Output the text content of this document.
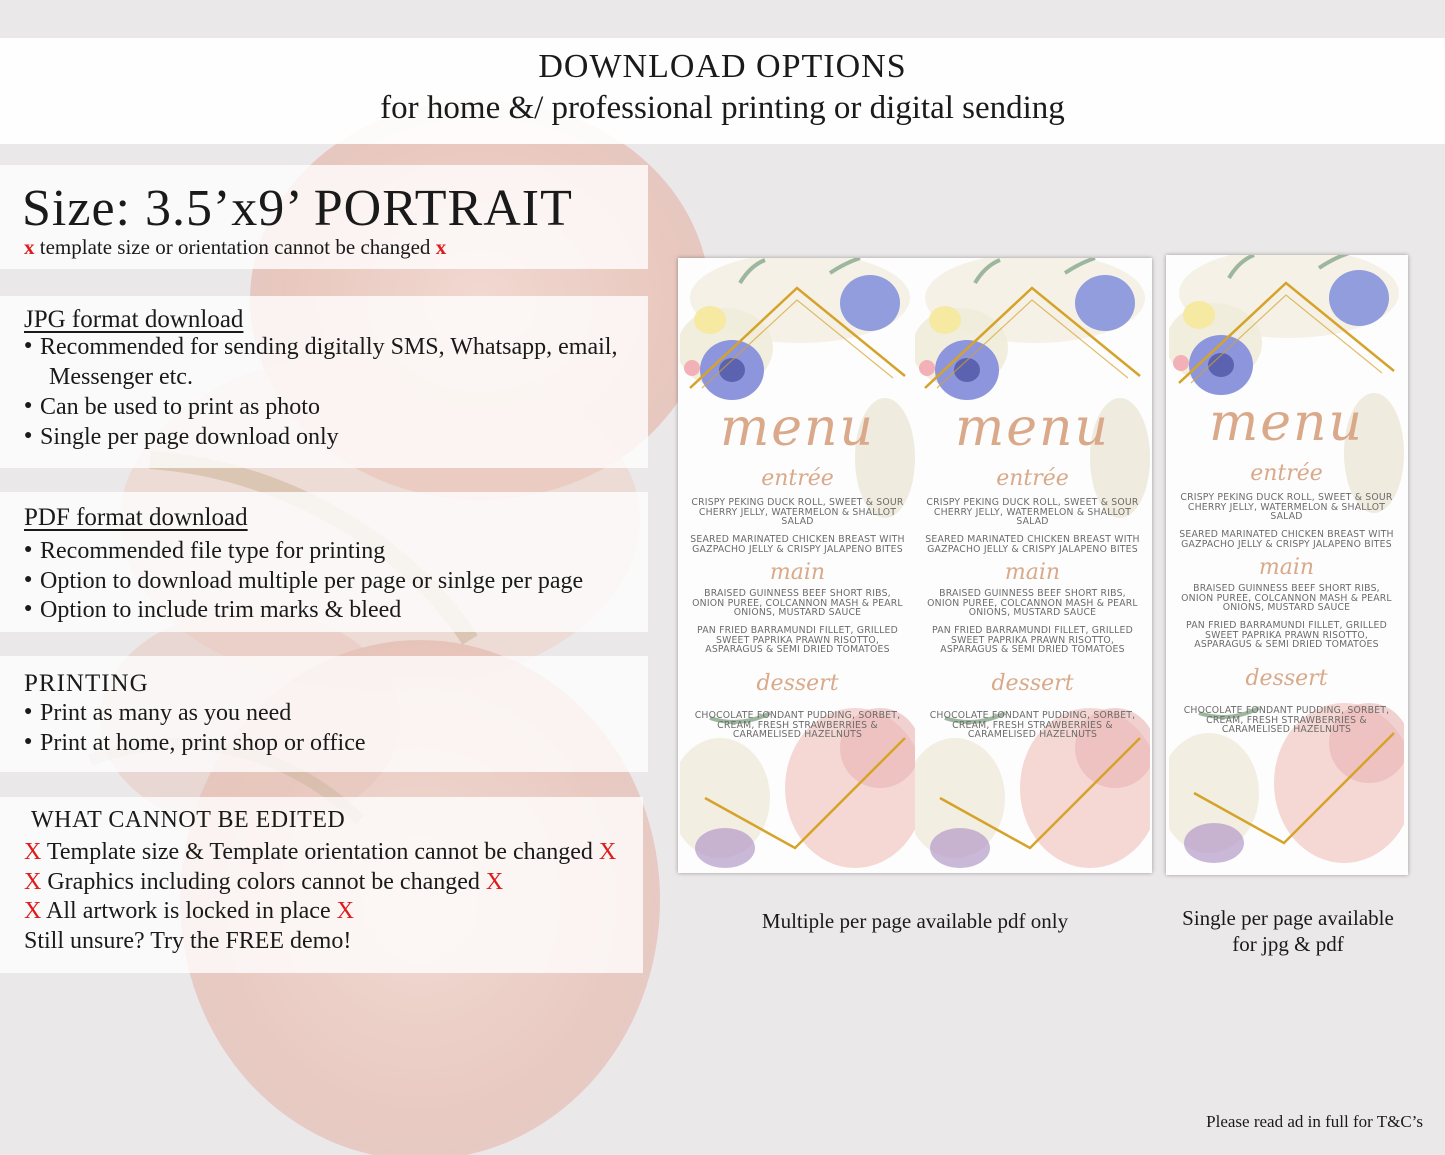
DOWNLOAD OPTIONS
for home &/ professional printing or digital sending
Size: 3.5’x9’ PORTRAIT
x template size or orientation cannot be changed x
JPG format download
● Recommended for sending digitally SMS, Whatsapp, email,
Messenger etc.
● Can be used to print as photo
● Single per page download only
PDF format download
● Recommended file type for printing
● Option to download multiple per page or sinlge per page
● Option to include trim marks & bleed
PRINTING
● Print as many as you need
● Print at home, print shop or office
WHAT CANNOT BE EDITED
X Template size & Template orientation cannot be changed X
X Graphics including colors cannot be changed X
X All artwork is locked in place X
Still unsure? Try the FREE demo!
menu
entrée
CRISPY PEKING DUCK ROLL, SWEET & SOUR CHERRY JELLY, WATERMELON & SHALLOT SALAD
SEARED MARINATED CHICKEN BREAST WITH GAZPACHO JELLY & CRISPY JALAPENO BITES
main
BRAISED GUINNESS BEEF SHORT RIBS, ONION PUREE, COLCANNON MASH & PEARL ONIONS, MUSTARD SAUCE
PAN FRIED BARRAMUNDI FILLET, GRILLED SWEET PAPRIKA PRAWN RISOTTO, ASPARAGUS & SEMI DRIED TOMATOES
dessert
CHOCOLATE FONDANT PUDDING, SORBET, CREAM, FRESH STRAWBERRIES & CARAMELISED HAZELNUTS
menu
entrée
CRISPY PEKING DUCK ROLL, SWEET & SOUR CHERRY JELLY, WATERMELON & SHALLOT SALAD
SEARED MARINATED CHICKEN BREAST WITH GAZPACHO JELLY & CRISPY JALAPENO BITES
main
BRAISED GUINNESS BEEF SHORT RIBS, ONION PUREE, COLCANNON MASH & PEARL ONIONS, MUSTARD SAUCE
PAN FRIED BARRAMUNDI FILLET, GRILLED SWEET PAPRIKA PRAWN RISOTTO, ASPARAGUS & SEMI DRIED TOMATOES
dessert
CHOCOLATE FONDANT PUDDING, SORBET, CREAM, FRESH STRAWBERRIES & CARAMELISED HAZELNUTS
menu
entrée
CRISPY PEKING DUCK ROLL, SWEET & SOUR CHERRY JELLY, WATERMELON & SHALLOT SALAD
SEARED MARINATED CHICKEN BREAST WITH GAZPACHO JELLY & CRISPY JALAPENO BITES
main
BRAISED GUINNESS BEEF SHORT RIBS, ONION PUREE, COLCANNON MASH & PEARL ONIONS, MUSTARD SAUCE
PAN FRIED BARRAMUNDI FILLET, GRILLED SWEET PAPRIKA PRAWN RISOTTO, ASPARAGUS & SEMI DRIED TOMATOES
dessert
CHOCOLATE FONDANT PUDDING, SORBET, CREAM, FRESH STRAWBERRIES & CARAMELISED HAZELNUTS
Multiple per page available pdf only	Single per page available
for jpg & pdf
Please read ad in full for T&C’s
